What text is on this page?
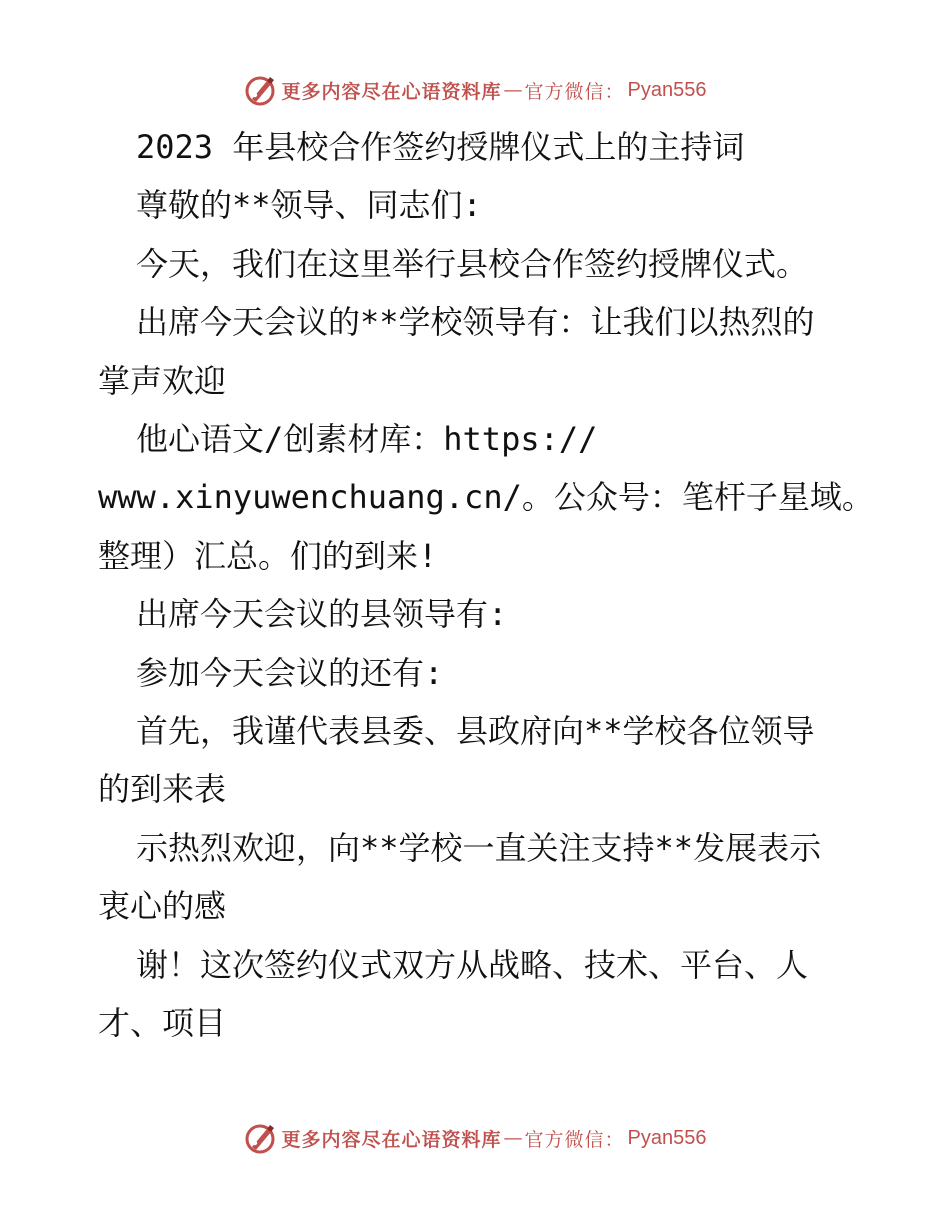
更多内容尽在心语资料库 — 官方微信 ： Pyan556

2023 年县校合作签约授牌仪式上的主持词

尊敬的**领导、同志们:

今天，我们在这里举行县校合作签约授牌仪式。

出席今天会议的**学校领导有：让我们以热烈的

掌声欢迎

他心语文/创素材库：https://

www.xinyuwenchuang.cn/。公众号：笔杆子星域。

整理）汇总。们的到来!

出席今天会议的县领导有:

参加今天会议的还有:

首先，我谨代表县委、县政府向**学校各位领导

的到来表

示热烈欢迎，向**学校一直关注支持**发展表示

衷心的感

谢！这次签约仪式双方从战略、技术、平台、人

才、项目

更多内容尽在心语资料库 — 官方微信 ： Pyan556
